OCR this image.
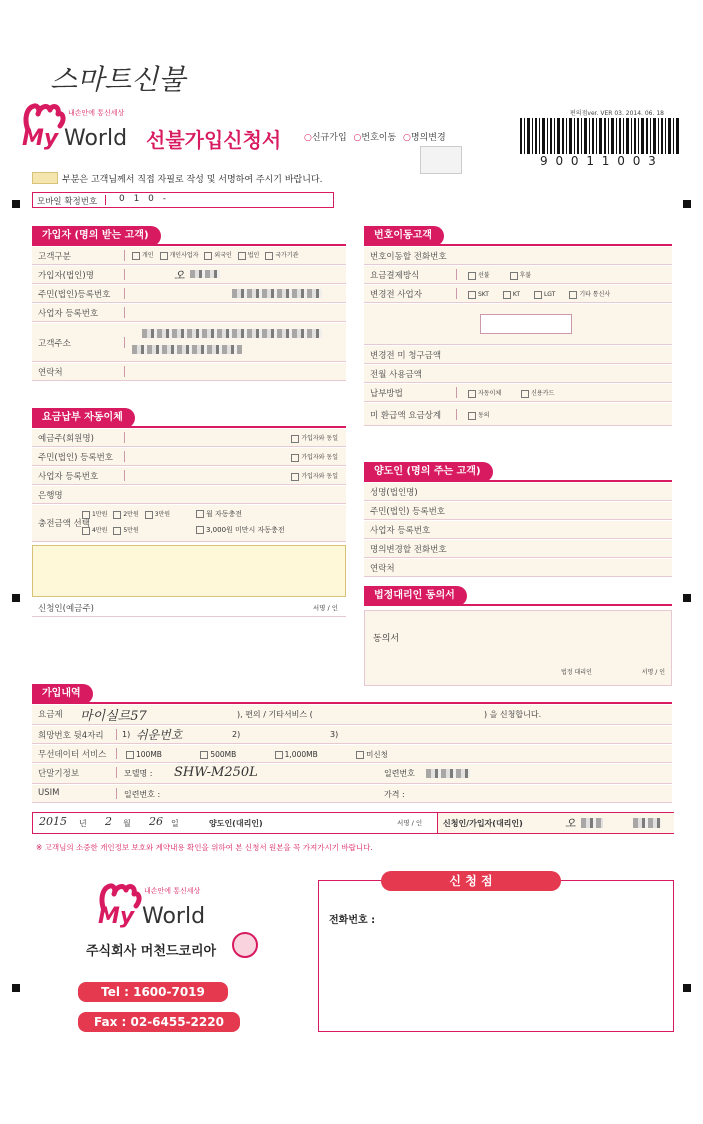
스마트신불
내손안에 통신세상
My World 선불가입신청서	○신규가입 ○번호이동 ○명의변경
편의점ver. VER 03. 2014. 06. 18
9 0 0 1 1 0 0 3
부분은 고객님께서 직접 자필로 작성 및 서명하여 주시기 바랍니다.
모바일 확정번호 0 1 0 -
가입자 (명의 받는 고객)
고객구분	개인	개인사업자	외국인	법인	국가기관
가입자(법인)명	오
주민(법인)등록번호
사업자 등록번호
고객주소
연락처
요금납부 자동이체
예금주(회원명)	가입자와 동일
주민(법인) 등록번호	가입자와 동일
사업자 등록번호	가입자와 동일
은행명
충전금액 선택
1만원	2만원	3만원
4만원	5만원
월 자동충전
3,000원 미만시 자동충전
신청인(예금주)	서명 / 인
번호이동고객
번호이동할 전화번호
요금결제방식	선불	후불
변경전 사업자	SKT	KT	LGT	기타 통신사
변경전 미 청구금액
전월 사용금액
납부방법	자동이체	신용카드
미 환급액 요금상계	동의
양도인 (명의 주는 고객)
성명(법인명)
주민(법인) 등록번호
사업자 등록번호
명의변경할 전화번호
연락처
법정대리인 동의서
동의서
법정 대리인	서명 / 인
가입내역
요금제 마이실르57	), 편의 / 기타서비스 (	) 을 신청합니다.
희망번호 뒷4자리 1) 쉬운번호	2)	3)
무선데이터 서비스	100MB	500MB	1,000MB	미신청
단말기정보	모델명 : SHW-M250L	일련번호
USIM	일련번호 :	가격 :
2015 년 2 월 26 일	양도인(대리인)	서명 / 인	신청인/가입자(대리인)	오
※ 고객님의 소중한 개인정보 보호와 계약내용 확인을 위하여 본 신청서 원본을 꼭 가져가시기 바랍니다.
내손안에 통신세상
My World
주식회사 머천드코리아
Tel : 1600-7019
Fax : 02-6455-2220
신 청 점
전화번호 :
